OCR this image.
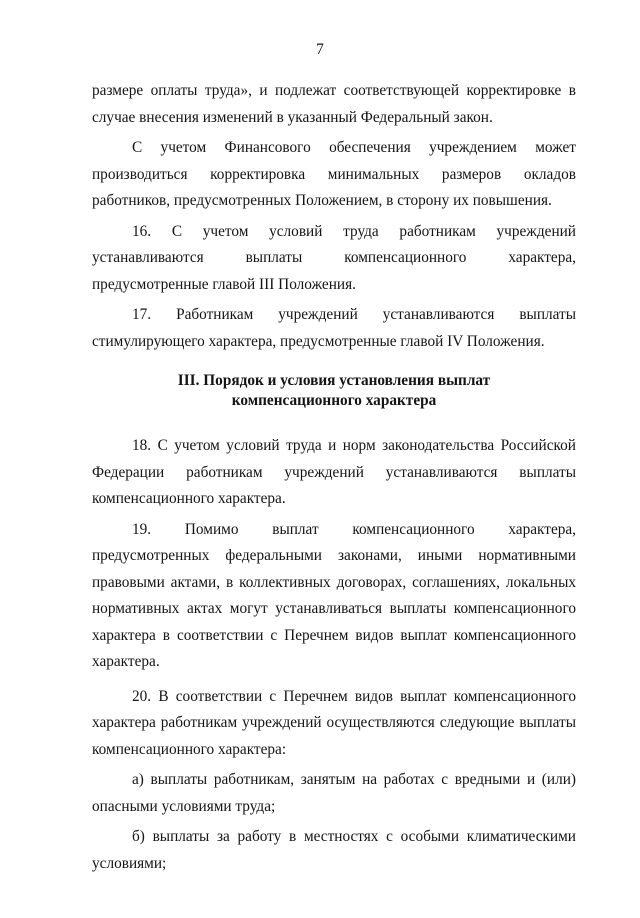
7

размере оплаты труда», и подлежат соответствующей корректировке в случае внесения изменений в указанный Федеральный закон.

С учетом Финансового обеспечения учреждением может производиться корректировка минимальных размеров окладов работников, предусмотренных Положением, в сторону их повышения.

16. С учетом условий труда работникам учреждений устанавливаются выплаты компенсационного характера, предусмотренные главой III Положения.

17. Работникам учреждений устанавливаются выплаты стимулирующего характера, предусмотренные главой IV Положения.

III. Порядок и условия установления выплат
компенсационного характера

18. С учетом условий труда и норм законодательства Российской Федерации работникам учреждений устанавливаются выплаты компенсационного характера.

19. Помимо выплат компенсационного характера, предусмотренных федеральными законами, иными нормативными правовыми актами, в коллективных договорах, соглашениях, локальных нормативных актах могут устанавливаться выплаты компенсационного характера в соответствии с Перечнем видов выплат компенсационного характера.

20. В соответствии с Перечнем видов выплат компенсационного характера работникам учреждений осуществляются следующие выплаты компенсационного характера:

а) выплаты работникам, занятым на работах с вредными и (или) опасными условиями труда;

б) выплаты за работу в местностях с особыми климатическими условиями;
